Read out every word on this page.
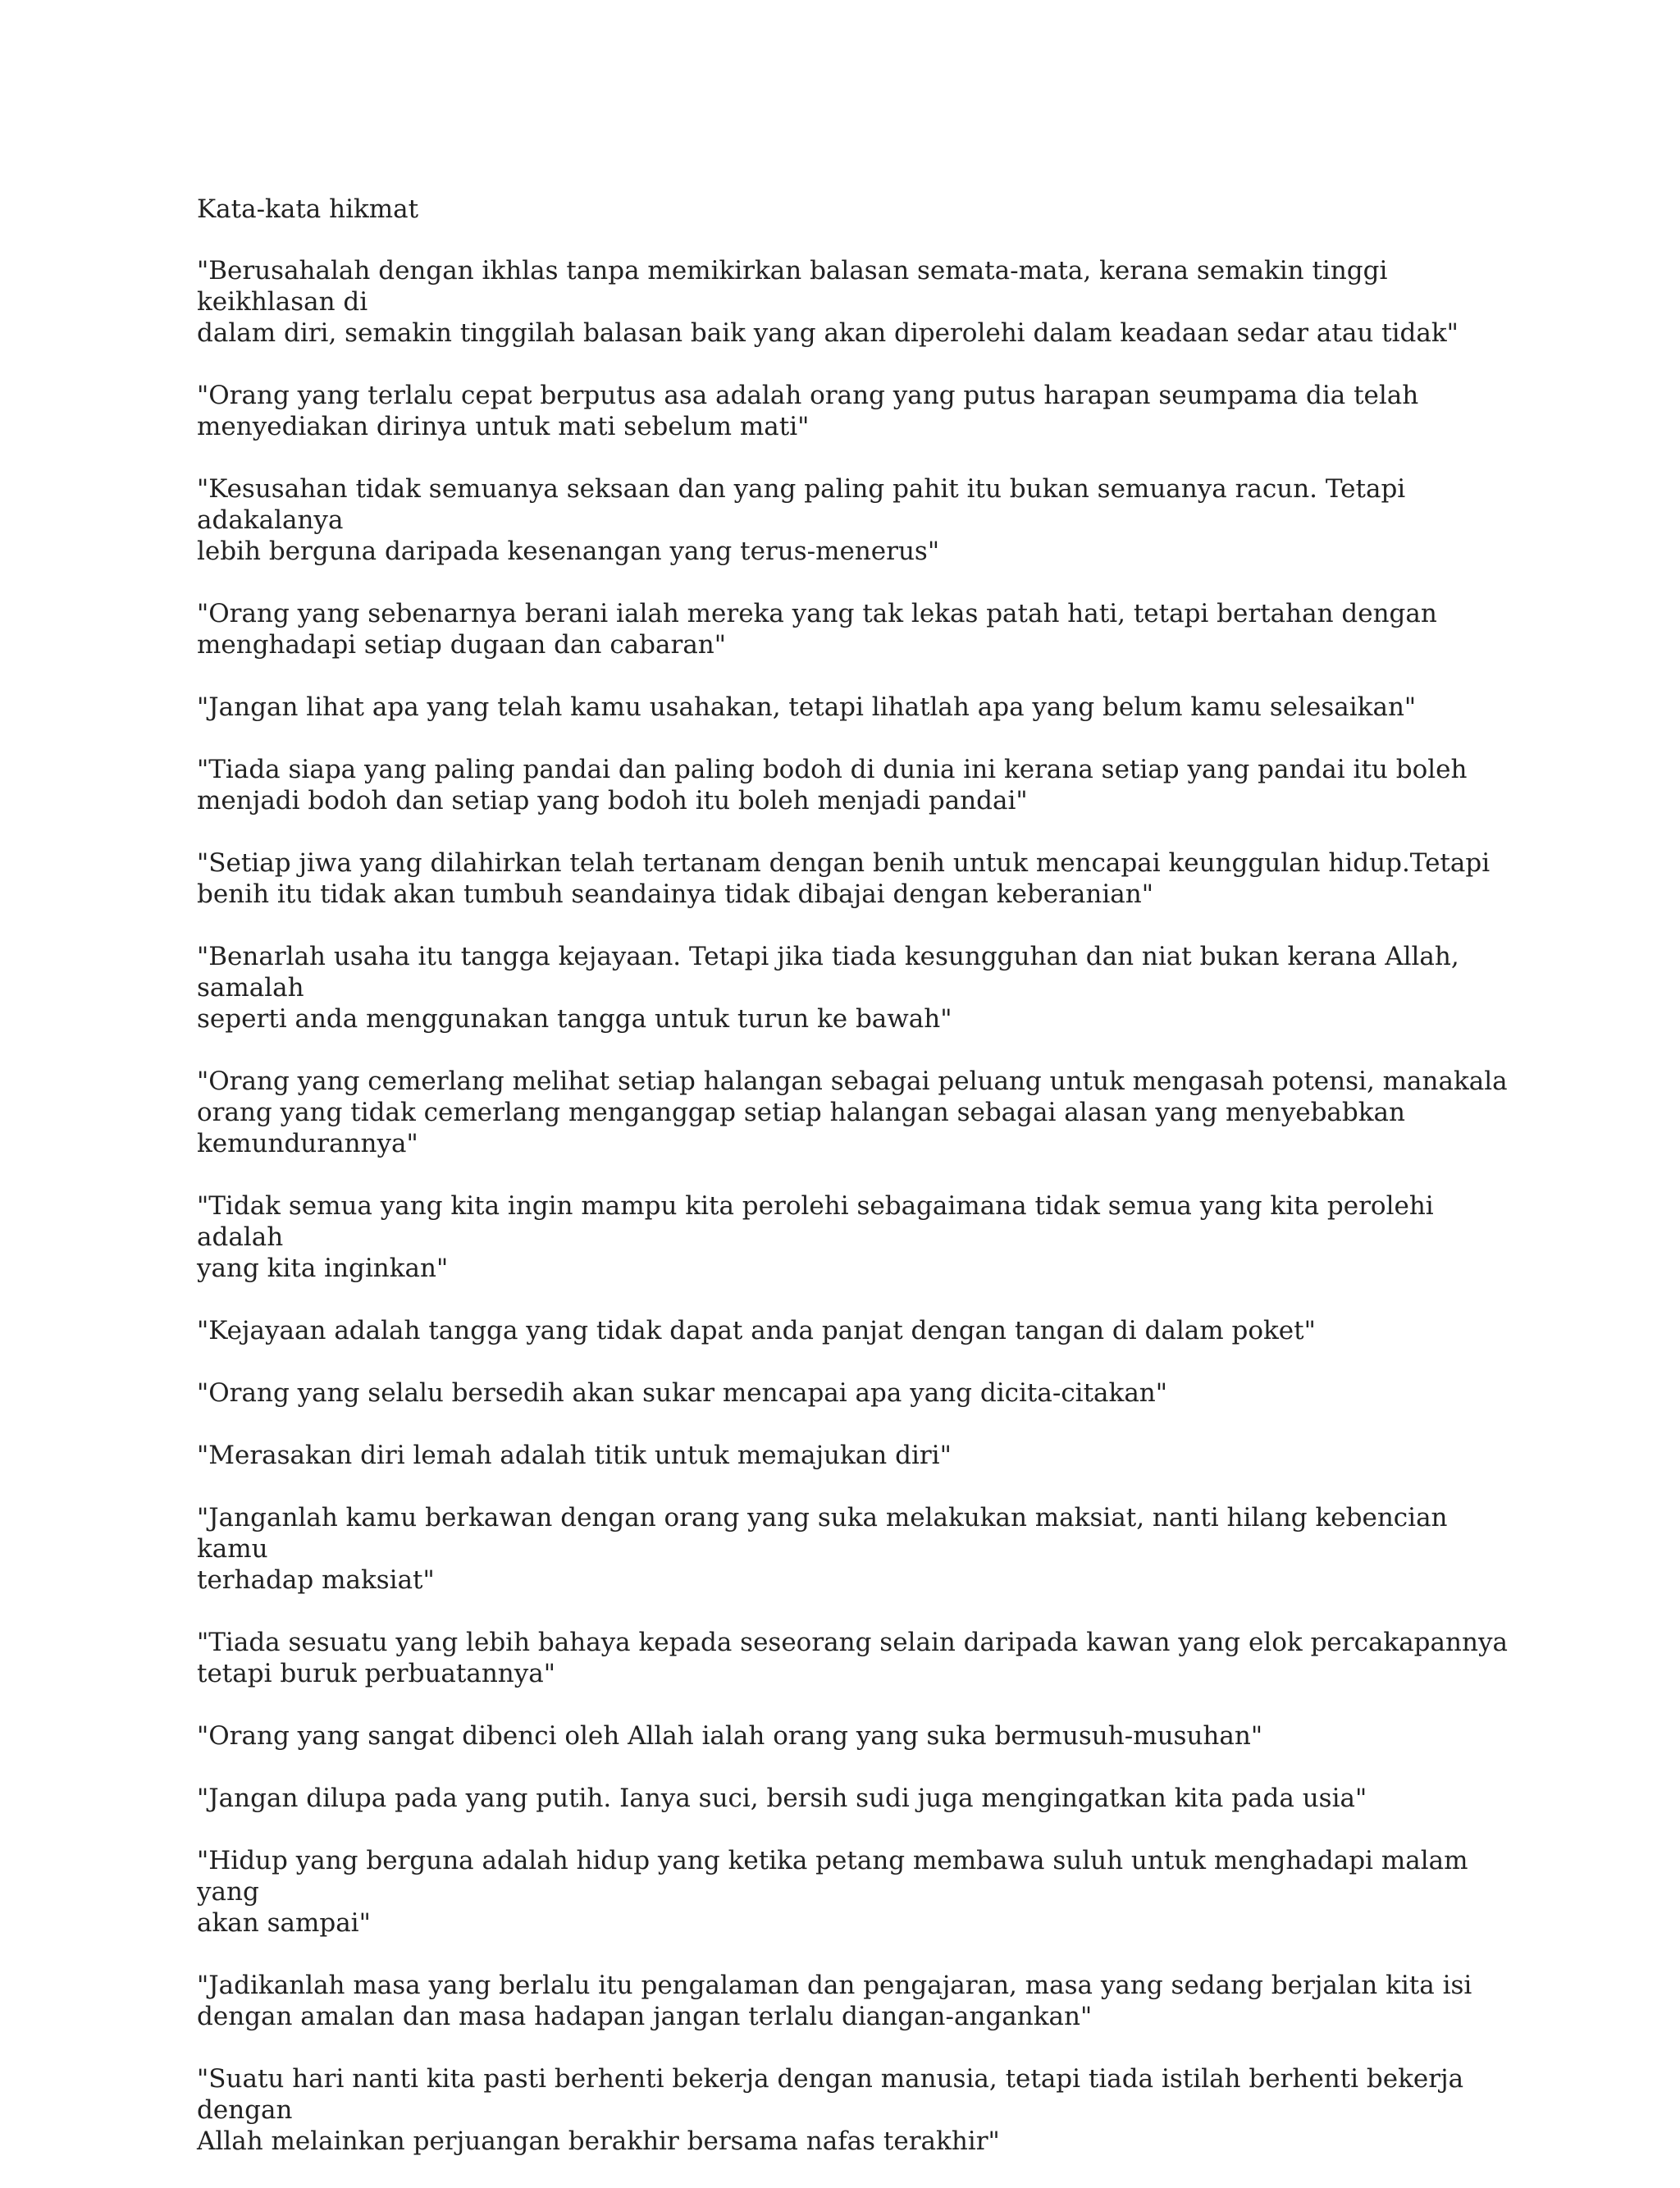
Kata-kata hikmat
"Berusahalah dengan ikhlas tanpa memikirkan balasan semata-mata, kerana semakin tinggi keikhlasan di
dalam diri, semakin tinggilah balasan baik yang akan diperolehi dalam keadaan sedar atau tidak"
"Orang yang terlalu cepat berputus asa adalah orang yang putus harapan seumpama dia telah
menyediakan dirinya untuk mati sebelum mati"
"Kesusahan tidak semuanya seksaan dan yang paling pahit itu bukan semuanya racun. Tetapi adakalanya
lebih berguna daripada kesenangan yang terus-menerus"
"Orang yang sebenarnya berani ialah mereka yang tak lekas patah hati, tetapi bertahan dengan
menghadapi setiap dugaan dan cabaran"
"Jangan lihat apa yang telah kamu usahakan, tetapi lihatlah apa yang belum kamu selesaikan"
"Tiada siapa yang paling pandai dan paling bodoh di dunia ini kerana setiap yang pandai itu boleh
menjadi bodoh dan setiap yang bodoh itu boleh menjadi pandai"
"Setiap jiwa yang dilahirkan telah tertanam dengan benih untuk mencapai keunggulan hidup.Tetapi
benih itu tidak akan tumbuh seandainya tidak dibajai dengan keberanian"
"Benarlah usaha itu tangga kejayaan. Tetapi jika tiada kesungguhan dan niat bukan kerana Allah, samalah
seperti anda menggunakan tangga untuk turun ke bawah"
"Orang yang cemerlang melihat setiap halangan sebagai peluang untuk mengasah potensi, manakala
orang yang tidak cemerlang menganggap setiap halangan sebagai alasan yang menyebabkan
kemundurannya"
"Tidak semua yang kita ingin mampu kita perolehi sebagaimana tidak semua yang kita perolehi adalah
yang kita inginkan"
"Kejayaan adalah tangga yang tidak dapat anda panjat dengan tangan di dalam poket"
"Orang yang selalu bersedih akan sukar mencapai apa yang dicita-citakan"
"Merasakan diri lemah adalah titik untuk memajukan diri"
"Janganlah kamu berkawan dengan orang yang suka melakukan maksiat, nanti hilang kebencian kamu
terhadap maksiat"
"Tiada sesuatu yang lebih bahaya kepada seseorang selain daripada kawan yang elok percakapannya
tetapi buruk perbuatannya"
"Orang yang sangat dibenci oleh Allah ialah orang yang suka bermusuh-musuhan"
"Jangan dilupa pada yang putih. Ianya suci, bersih sudi juga mengingatkan kita pada usia"
"Hidup yang berguna adalah hidup yang ketika petang membawa suluh untuk menghadapi malam yang
akan sampai"
"Jadikanlah masa yang berlalu itu pengalaman dan pengajaran, masa yang sedang berjalan kita isi
dengan amalan dan masa hadapan jangan terlalu diangan-angankan"
"Suatu hari nanti kita pasti berhenti bekerja dengan manusia, tetapi tiada istilah berhenti bekerja dengan
Allah melainkan perjuangan berakhir bersama nafas terakhir"
